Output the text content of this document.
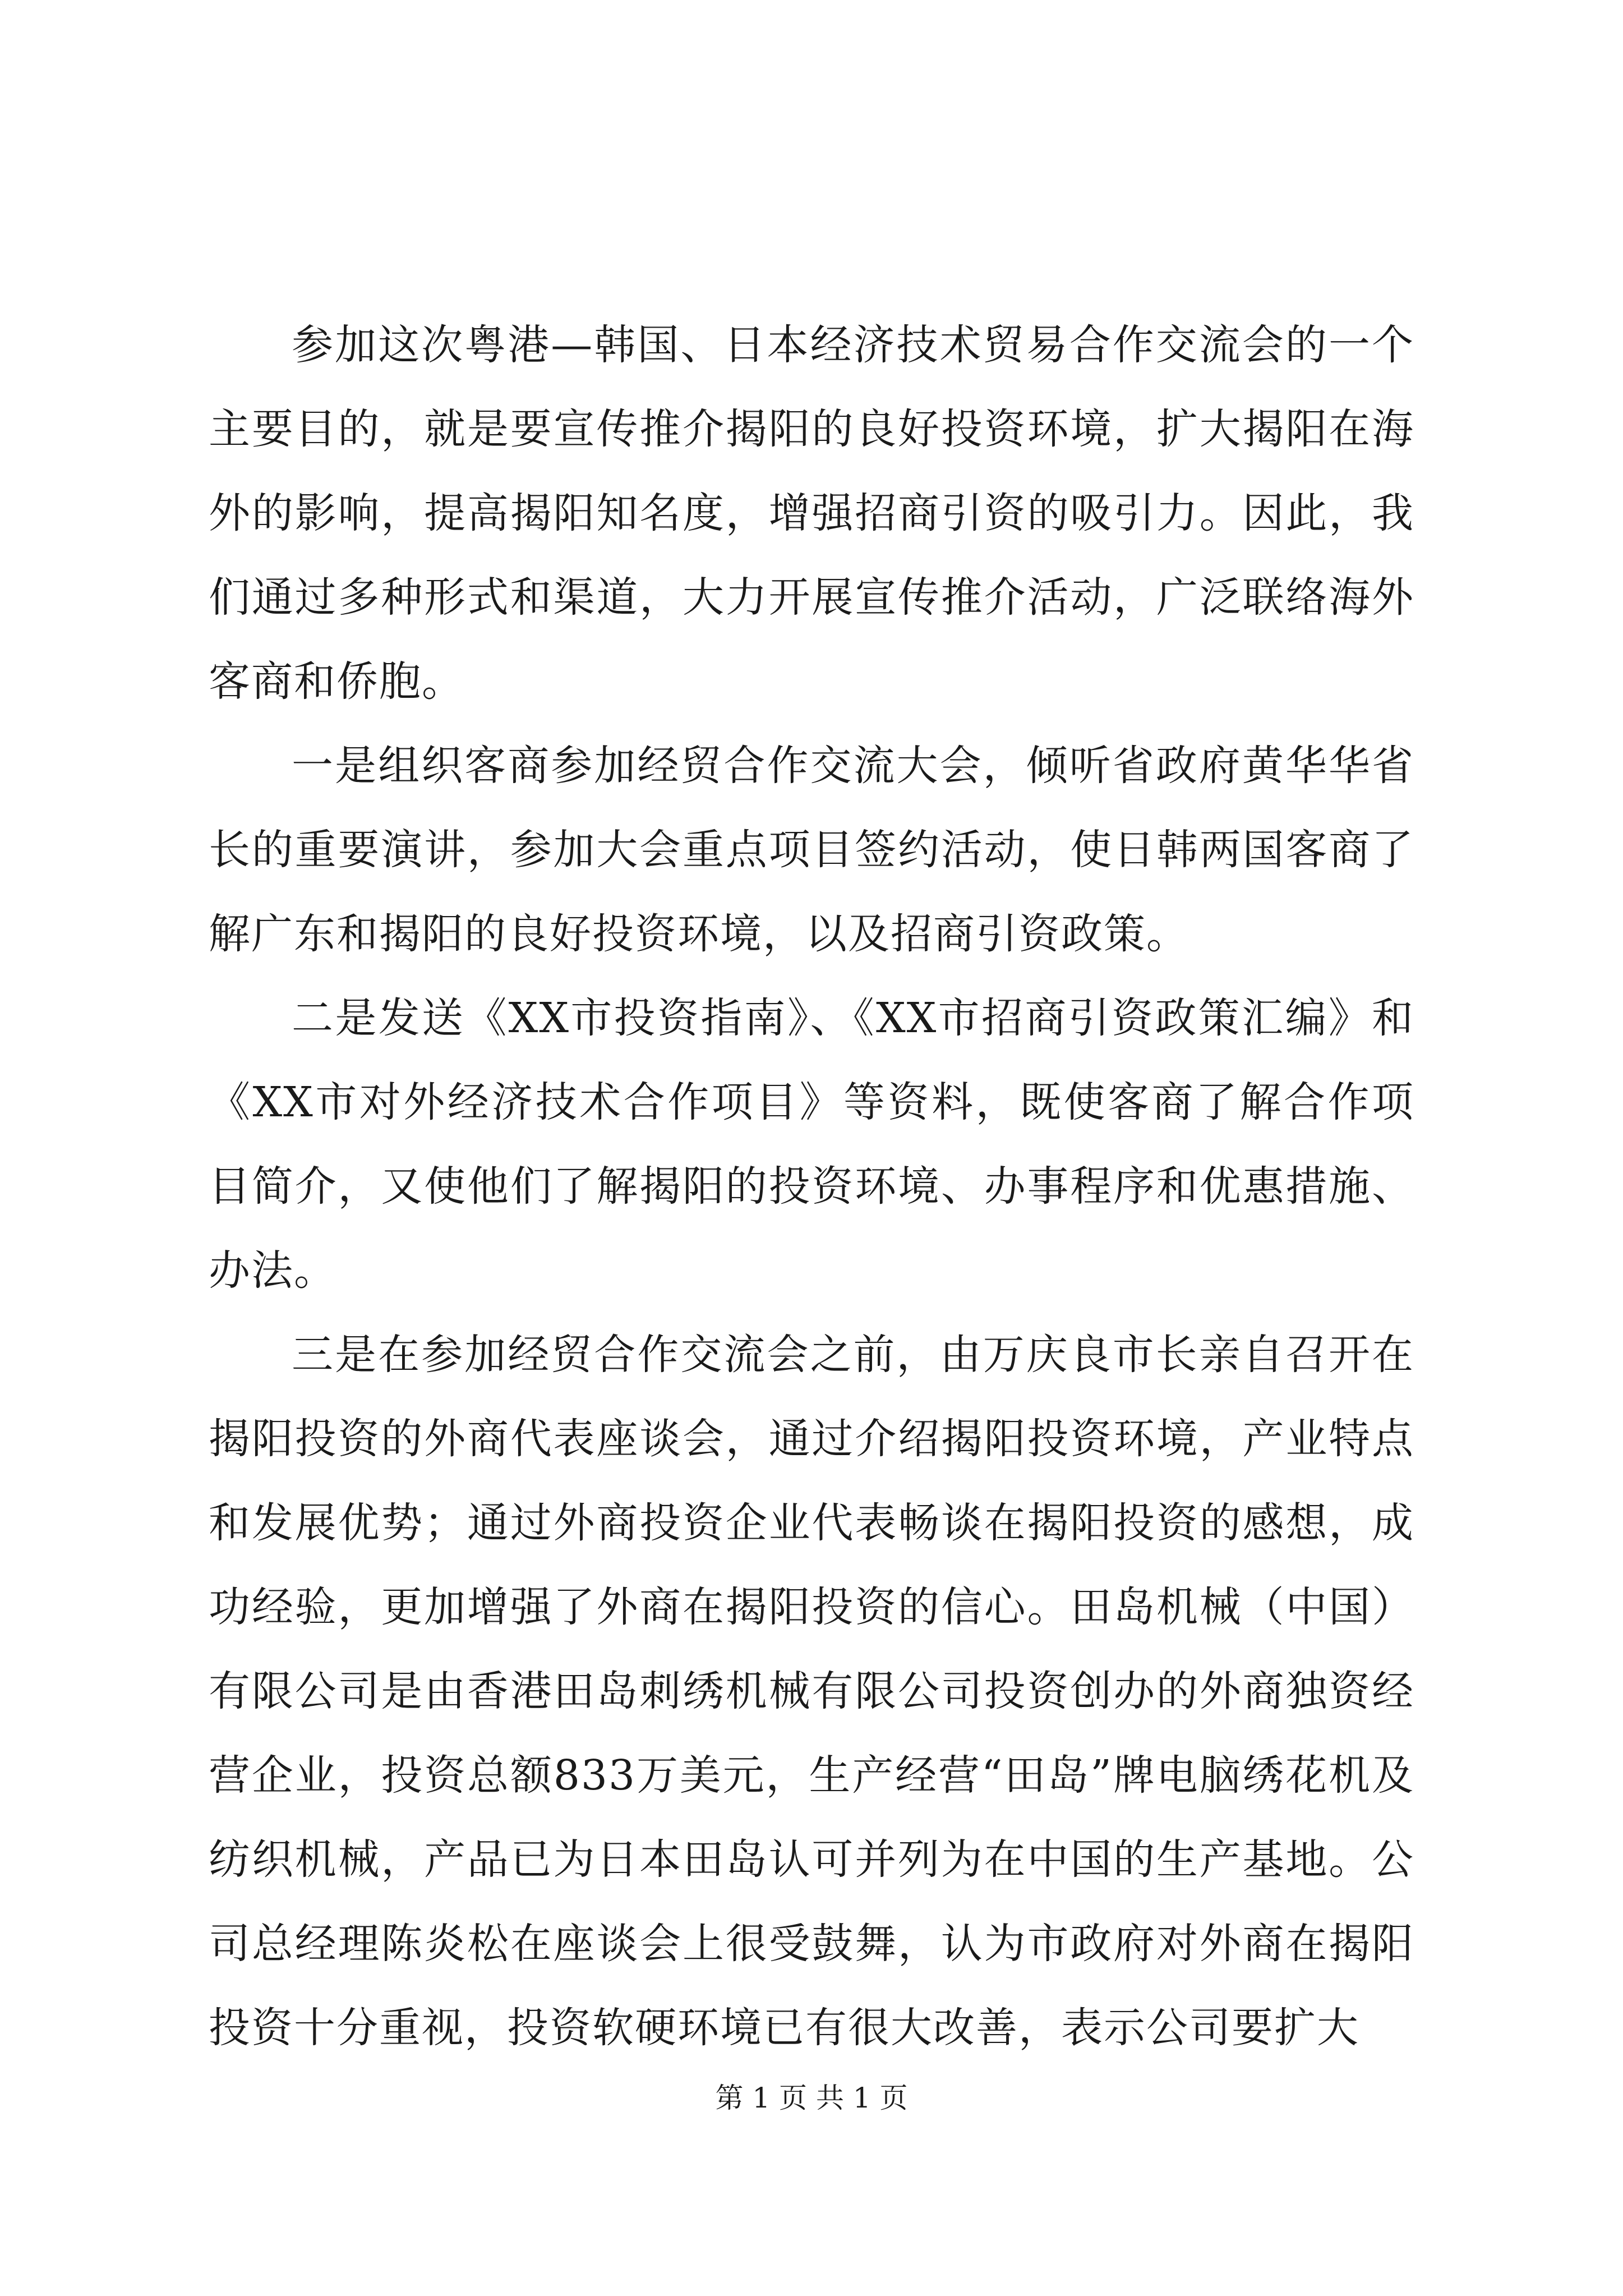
参加这次粤港—韩国、日本经济技术贸易合作交流会的一个主要目的，就是要宣传推介揭阳的良好投资环境，扩大揭阳在海外的影响，提高揭阳知名度，增强招商引资的吸引力。因此，我们通过多种形式和渠道，大力开展宣传推介活动，广泛联络海外客商和侨胞。

一是组织客商参加经贸合作交流大会，倾听省政府黄华华省长的重要演讲，参加大会重点项目签约活动，使日韩两国客商了解广东和揭阳的良好投资环境，以及招商引资政策。

二是发送《XX市投资指南》、《XX市招商引资政策汇编》和《XX市对外经济技术合作项目》等资料，既使客商了解合作项目简介，又使他们了解揭阳的投资环境、办事程序和优惠措施、办法。

三是在参加经贸合作交流会之前，由万庆良市长亲自召开在揭阳投资的外商代表座谈会，通过介绍揭阳投资环境，产业特点和发展优势；通过外商投资企业代表畅谈在揭阳投资的感想，成功经验，更加增强了外商在揭阳投资的信心。田岛机械（中国）有限公司是由香港田岛刺绣机械有限公司投资创办的外商独资经营企业，投资总额833万美元，生产经营“田岛”牌电脑绣花机及纺织机械，产品已为日本田岛认可并列为在中国的生产基地。公司总经理陈炎松在座谈会上很受鼓舞，认为市政府对外商在揭阳投资十分重视，投资软硬环境已有很大改善，表示公司要扩大

第 1 页 共 1 页
